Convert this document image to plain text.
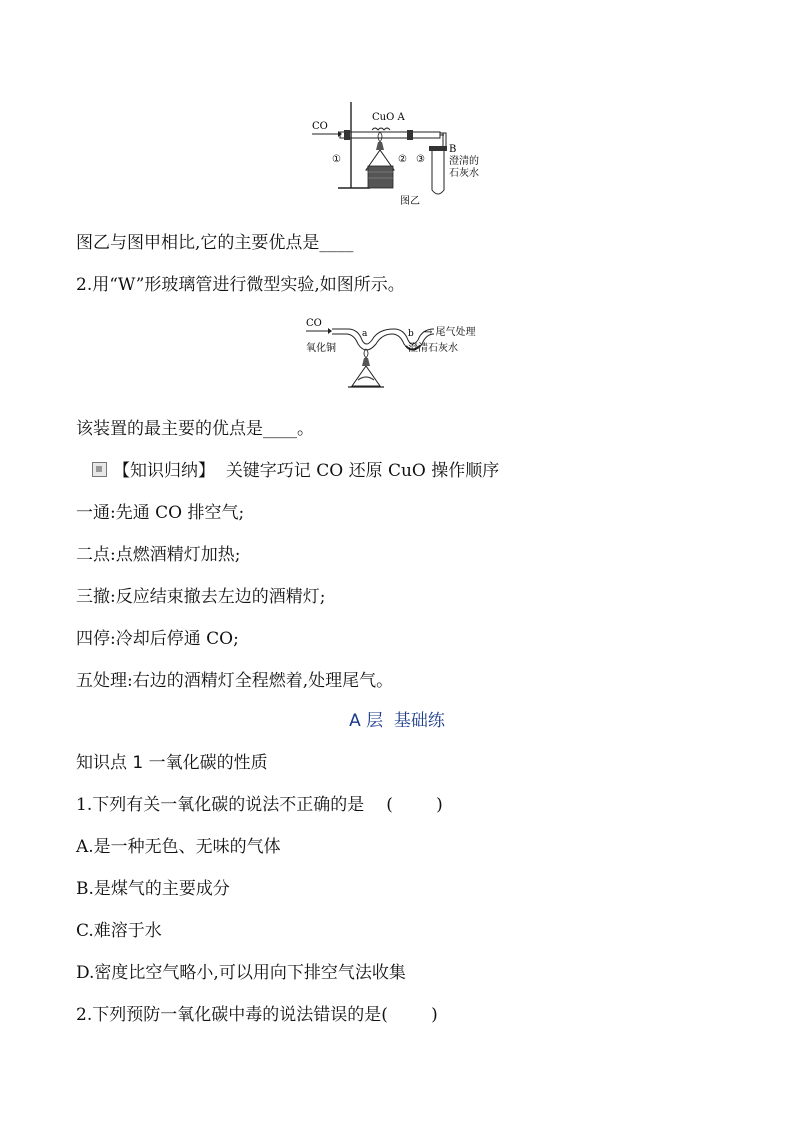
CO
CuO A
B
①	② ③ 澄清的
石灰水
图乙
图乙与图甲相比,它的主要优点是____
2.用“W”形玻璃管进行微型实验,如图所示。
CO
a	b → 尾气处理
氧化铜	澄清石灰水
该装置的最主要的优点是____。
【知识归纳】 关键字巧记 CO 还原 CuO 操作顺序
一通:先通 CO 排空气;
二点:点燃酒精灯加热;
三撤:反应结束撤去左边的酒精灯;
四停:冷却后停通 CO;
五处理:右边的酒精灯全程燃着,处理尾气。
A 层  基础练
知识点 1 一氧化碳的性质
1.下列有关一氧化碳的说法不正确的是 (        )
A.是一种无色、无味的气体
B.是煤气的主要成分
C.难溶于水
D.密度比空气略小,可以用向下排空气法收集
2.下列预防一氧化碳中毒的说法错误的是(        )
